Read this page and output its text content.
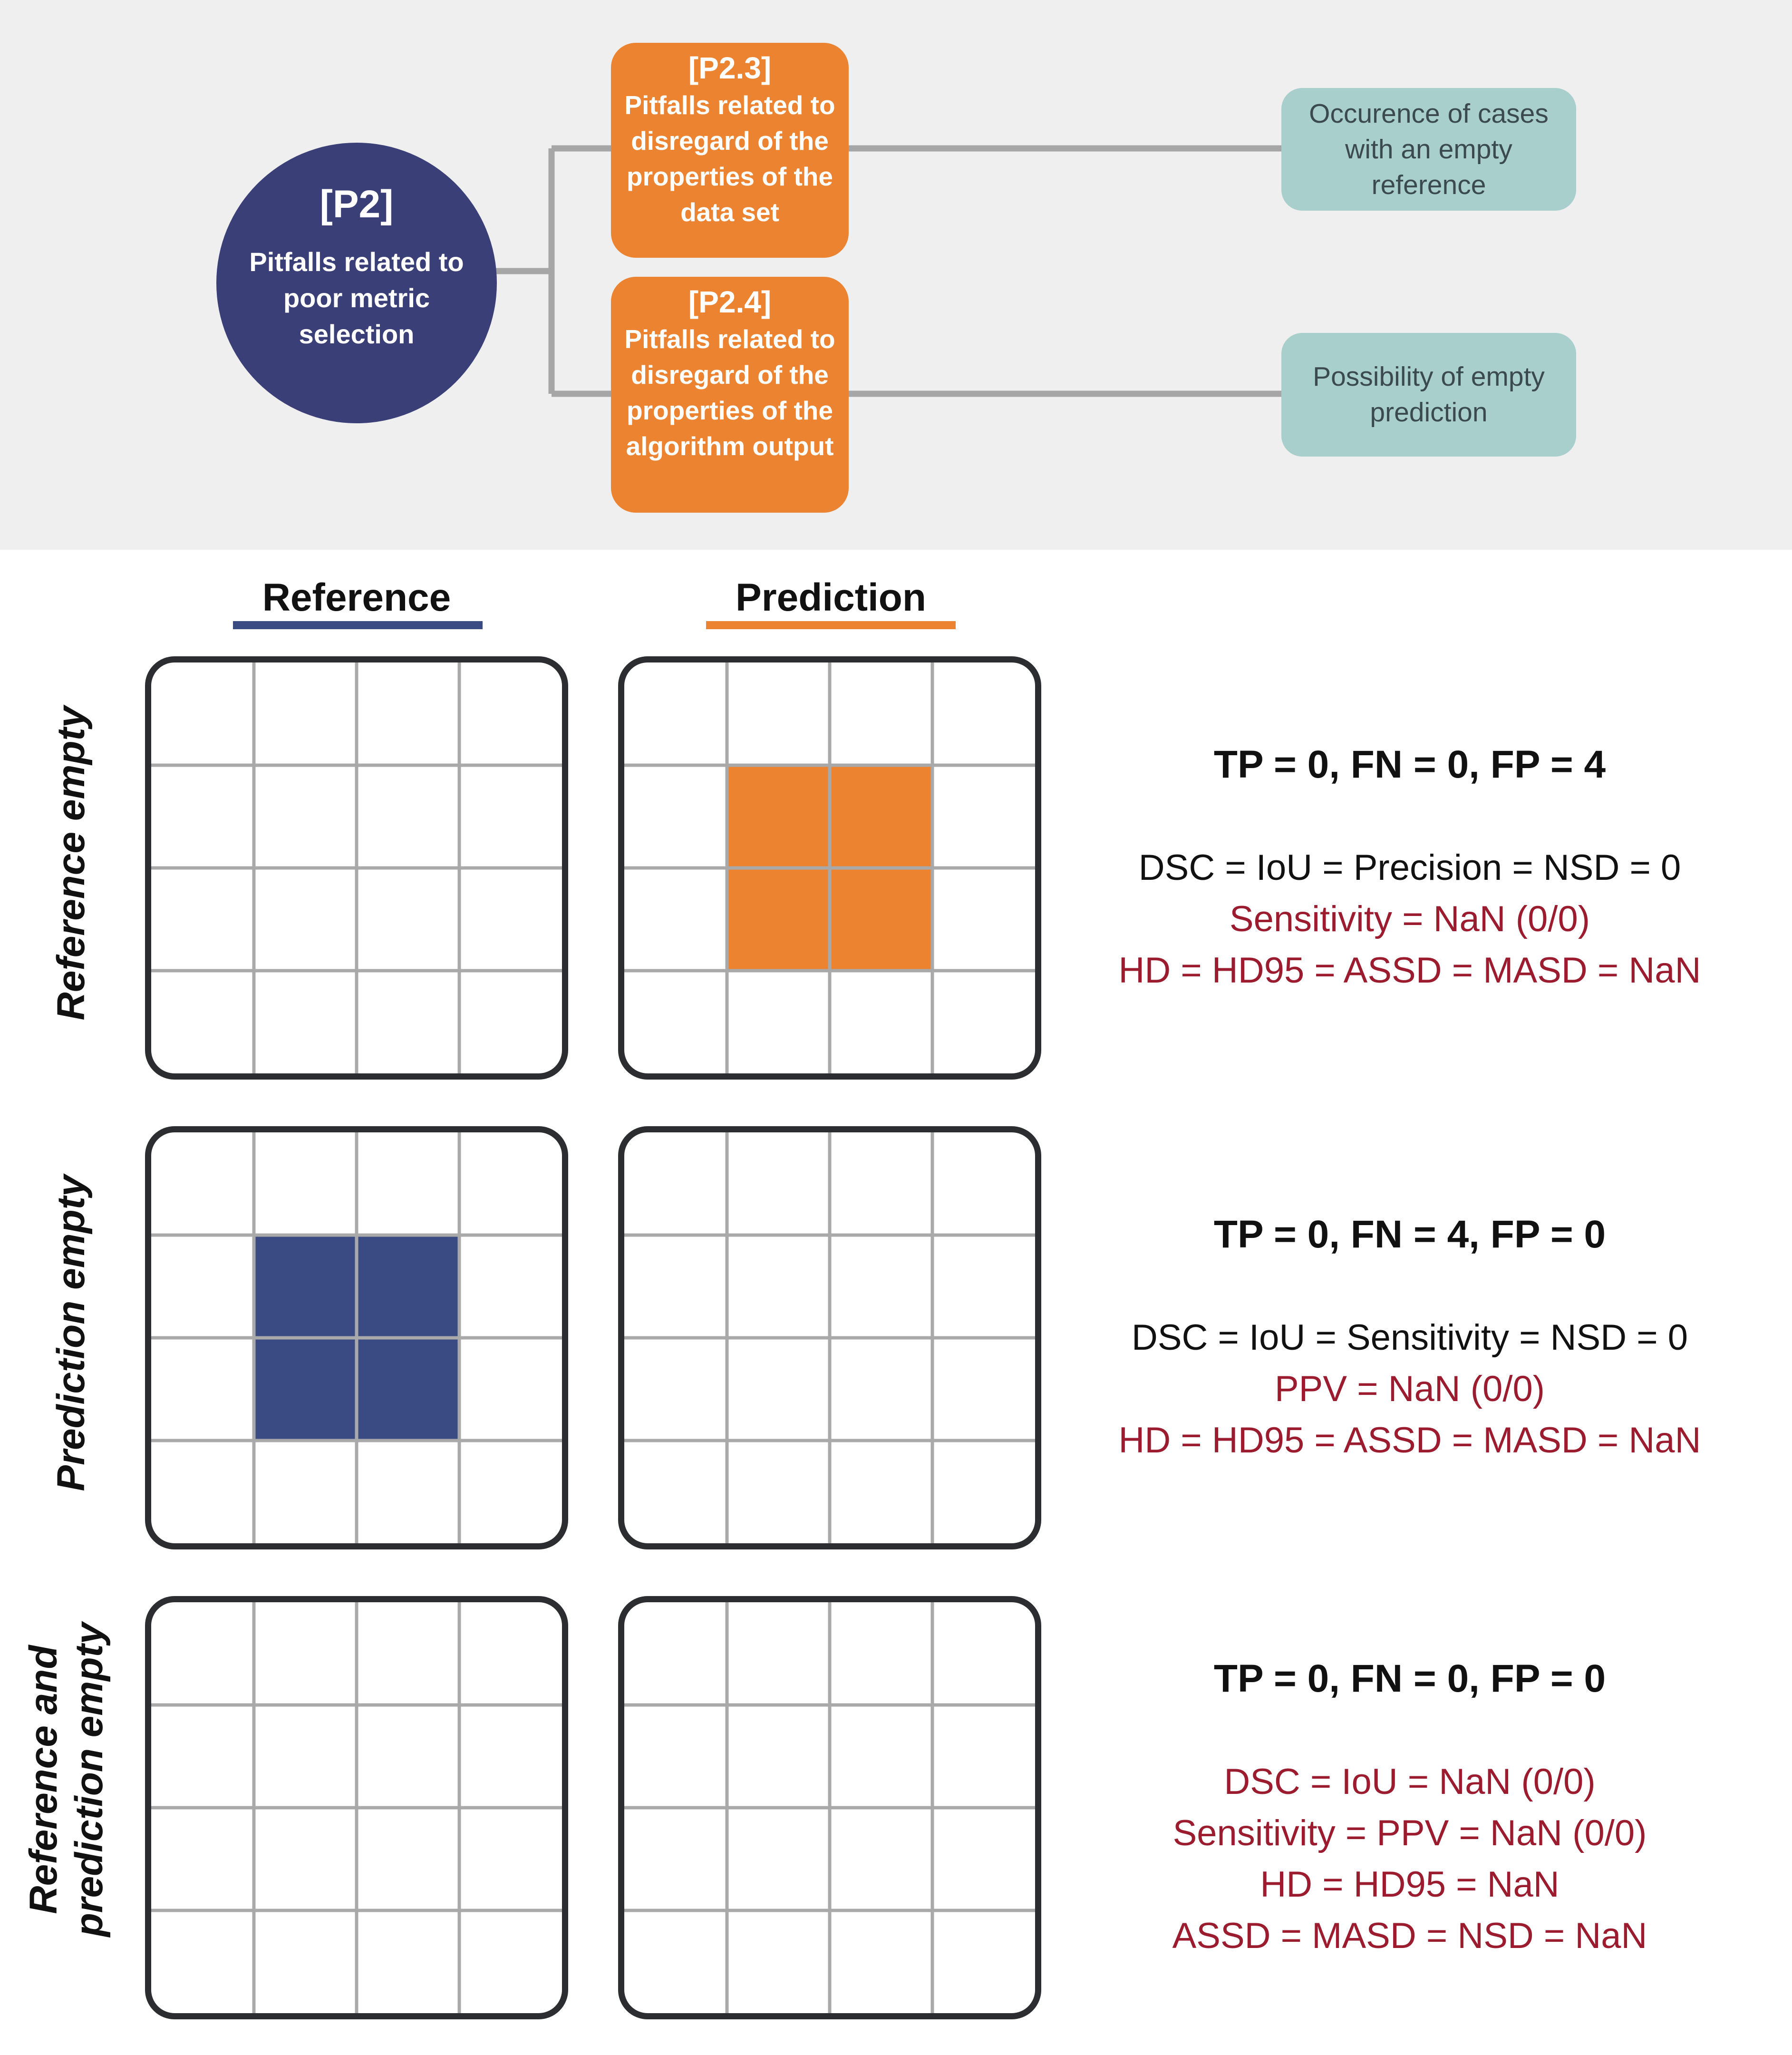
[P2]
Pitfalls related to poor metric selection
[P2.3]
Pitfalls related to disregard of the properties of the data set
[P2.4]
Pitfalls related to disregard of the properties of the algorithm output
Occurence of cases with an empty reference
Possibility of empty prediction
Reference	Prediction
Reference empty
Prediction empty
Reference and prediction empty
TP = 0, FN = 0, FP = 4
DSC = IoU = Precision = NSD = 0
Sensitivity = NaN (0/0)
HD = HD95 = ASSD = MASD = NaN
TP = 0, FN = 4, FP = 0
DSC = IoU = Sensitivity = NSD = 0
PPV = NaN (0/0)
HD = HD95 = ASSD = MASD = NaN
TP = 0, FN = 0, FP = 0
DSC = IoU = NaN (0/0)
Sensitivity = PPV = NaN (0/0)
HD = HD95 = NaN
ASSD = MASD = NSD = NaN
